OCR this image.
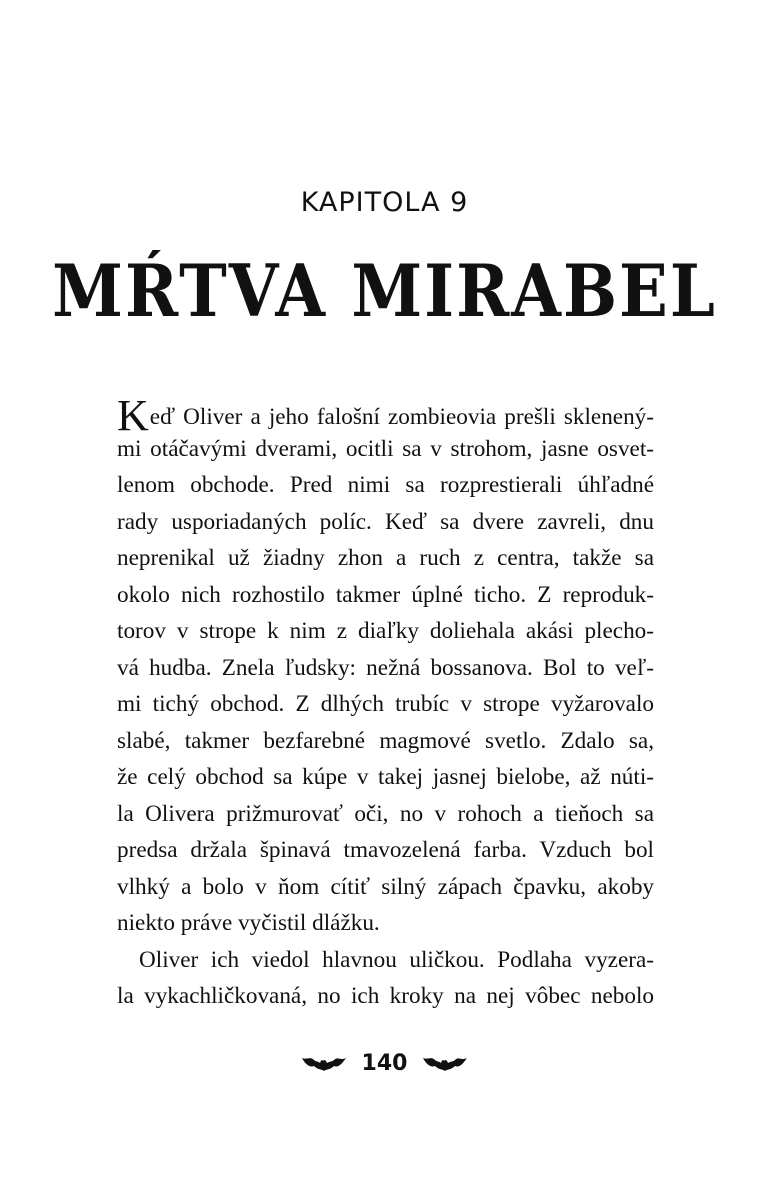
KAPITOLA 9
MŔTVA MIRABEL
Keď Oliver a jeho falošní zombieovia prešli sklenený-
mi otáčavými dverami, ocitli sa v strohom, jasne osvet-
lenom obchode. Pred nimi sa rozprestierali úhľadné
rady usporiadaných políc. Keď sa dvere zavreli, dnu
neprenikal už žiadny zhon a ruch z centra, takže sa
okolo nich rozhostilo takmer úplné ticho. Z reproduk-
torov v strope k nim z diaľky doliehala akási plecho-
vá hudba. Znela ľudsky: nežná bossanova. Bol to veľ-
mi tichý obchod. Z dlhých trubíc v strope vyžarovalo
slabé, takmer bezfarebné magmové svetlo. Zdalo sa,
že celý obchod sa kúpe v takej jasnej bielobe, až núti-
la Olivera prižmurovať oči, no v rohoch a tieňoch sa
predsa držala špinavá tmavozelená farba. Vzduch bol
vlhký a bolo v ňom cítiť silný zápach čpavku, akoby
niekto práve vyčistil dlážku.
Oliver ich viedol hlavnou uličkou. Podlaha vyzera-
la vykachličkovaná, no ich kroky na nej vôbec nebolo
140
